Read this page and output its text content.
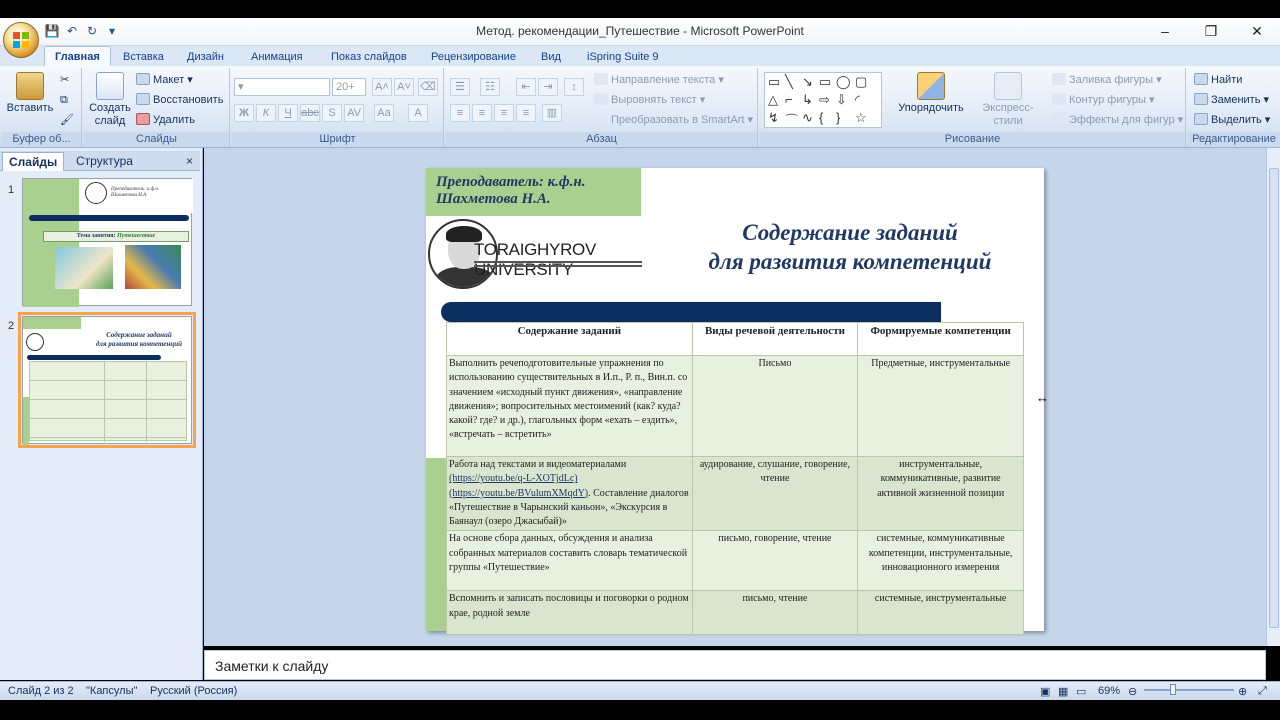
💾 ↶ ↻ ▾	Метод. рекомендации_Путешествие - Microsoft PowerPoint	–	❐	✕
Главная	Вставка Дизайн Анимация	Показ слайдов Рецензирование Вид iSpring Suite 9
Вставить
✂
⧉
🖌
Буфер об...
Создать
слайд
Макет ▾
Восстановить
Удалить
Слайды
▾	20+	A˄ A˅ ⌫
Ж	К	Ч abc S	AV Aa	A
Шрифт
☰	☷	⇤	⇥	↕
≡	≡	≡	≡	▥
Направление текста ▾
Выровнять текст ▾
Преобразовать в SmartArt ▾
Абзац	Рисование
▭ ╲ ↘ ▭ ◯ ▢
△ ⌐ ↳ ⇨ ⇩ ◜
↯ ⌒ ∿ { } ☆
Упорядочить	Экспресс-стили
Заливка фигуры ▾
Контур фигуры ▾
Эффекты для фигур ▾
Найти
Заменить ▾
Выделить ▾
Редактирование
Слайды	Структура	×
1	Преподаватель: к.ф.н.
Шахметова Н.А.
Тема занятия: Путешествие
2
Содержание заданий
для развития компетенций
Преподаватель: к.ф.н.
Шахметова Н.А.
TORAIGHYROV UNIVERSITY
Содержание заданий
для развития компетенций
Содержание заданий	Виды речевой деятельности	Формируемые компетенции
Выполнить речеподготовительные упражнения по использованию существительных в И.п., Р. п., Вин.п. со значением «исходный пункт движения», «направление движения»; вопросительных местоимений (как? куда? какой? где? и др.), глагольных форм «ехать – ездить», «встречать – встретить»	Письмо	Предметные, инструментальные
Работа над текстами и видеоматериалами (https://youtu.be/q-L-XOTjdLc) (https://youtu.be/BVulumXMqdY). Составление диалогов «Путешествие в Чарынский каньон», «Экскурсия в Баянаул (озеро Джасыбай)»	аудирование, слушание, говорение, чтение	инструментальные, коммуникативные, развитие активной жизненной позиции
На основе сбора данных, обсуждения и анализа собранных материалов составить словарь тематической группы «Путешествие»	письмо, говорение, чтение	системные, коммуникативные компетенции, инструментальные, инновационного измерения
Вспомнить и записать пословицы и поговорки о родном крае, родной земле	письмо, чтение	системные, инструментальные
↔
Заметки к слайду
Слайд 2 из 2 "Капсулы" Русский (Россия)	▣ ▦ ▭ 69% ⊖	⊕ ⤢
